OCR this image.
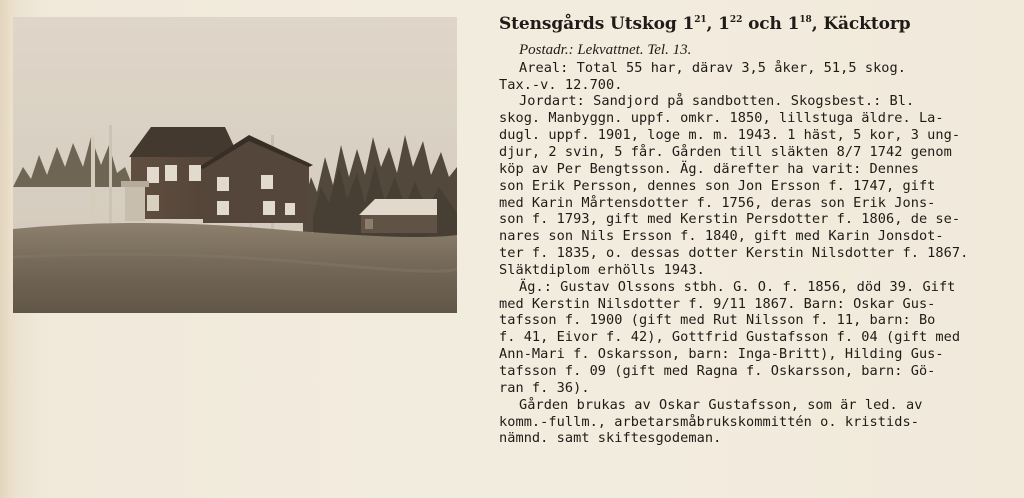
Stensgårds Utskog $1^{21}$, $1^{22}$ och $1^{18}$, Käcktorp
Postadr.: Lekvattnet. Tel. 13.
Areal: Total 55 har, därav 3,5 åker, 51,5 skog.
Tax.-v. 12.700.
Jordart: Sandjord på sandbotten. Skogsbest.: Bl.
skog. Manbyggn. uppf. omkr. 1850, lillstuga äldre. La-
dugl. uppf. 1901, loge m. m. 1943. 1 häst, 5 kor, 3 ung-
djur, 2 svin, 5 får. Gården till släkten 8/7 1742 genom
köp av Per Bengtsson. Äg. därefter ha varit: Dennes
son Erik Persson, dennes son Jon Ersson f. 1747, gift
med Karin Mårtensdotter f. 1756, deras son Erik Jons-
son f. 1793, gift med Kerstin Persdotter f. 1806, de se-
nares son Nils Ersson f. 1840, gift med Karin Jonsdot-
ter f. 1835, o. dessas dotter Kerstin Nilsdotter f. 1867.
Släktdiplom erhölls 1943.
Äg.: Gustav Olssons stbh. G. O. f. 1856, död 39. Gift
med Kerstin Nilsdotter f. 9/11 1867. Barn: Oskar Gus-
tafsson f. 1900 (gift med Rut Nilsson f. 11, barn: Bo
f. 41, Eivor f. 42), Gottfrid Gustafsson f. 04 (gift med
Ann-Mari f. Oskarsson, barn: Inga-Britt), Hilding Gus-
tafsson f. 09 (gift med Ragna f. Oskarsson, barn: Gö-
ran f. 36).
Gården brukas av Oskar Gustafsson, som är led. av
komm.-fullm., arbetarsmåbrukskommittén o. kristids-
nämnd. samt skiftesgodeman.
